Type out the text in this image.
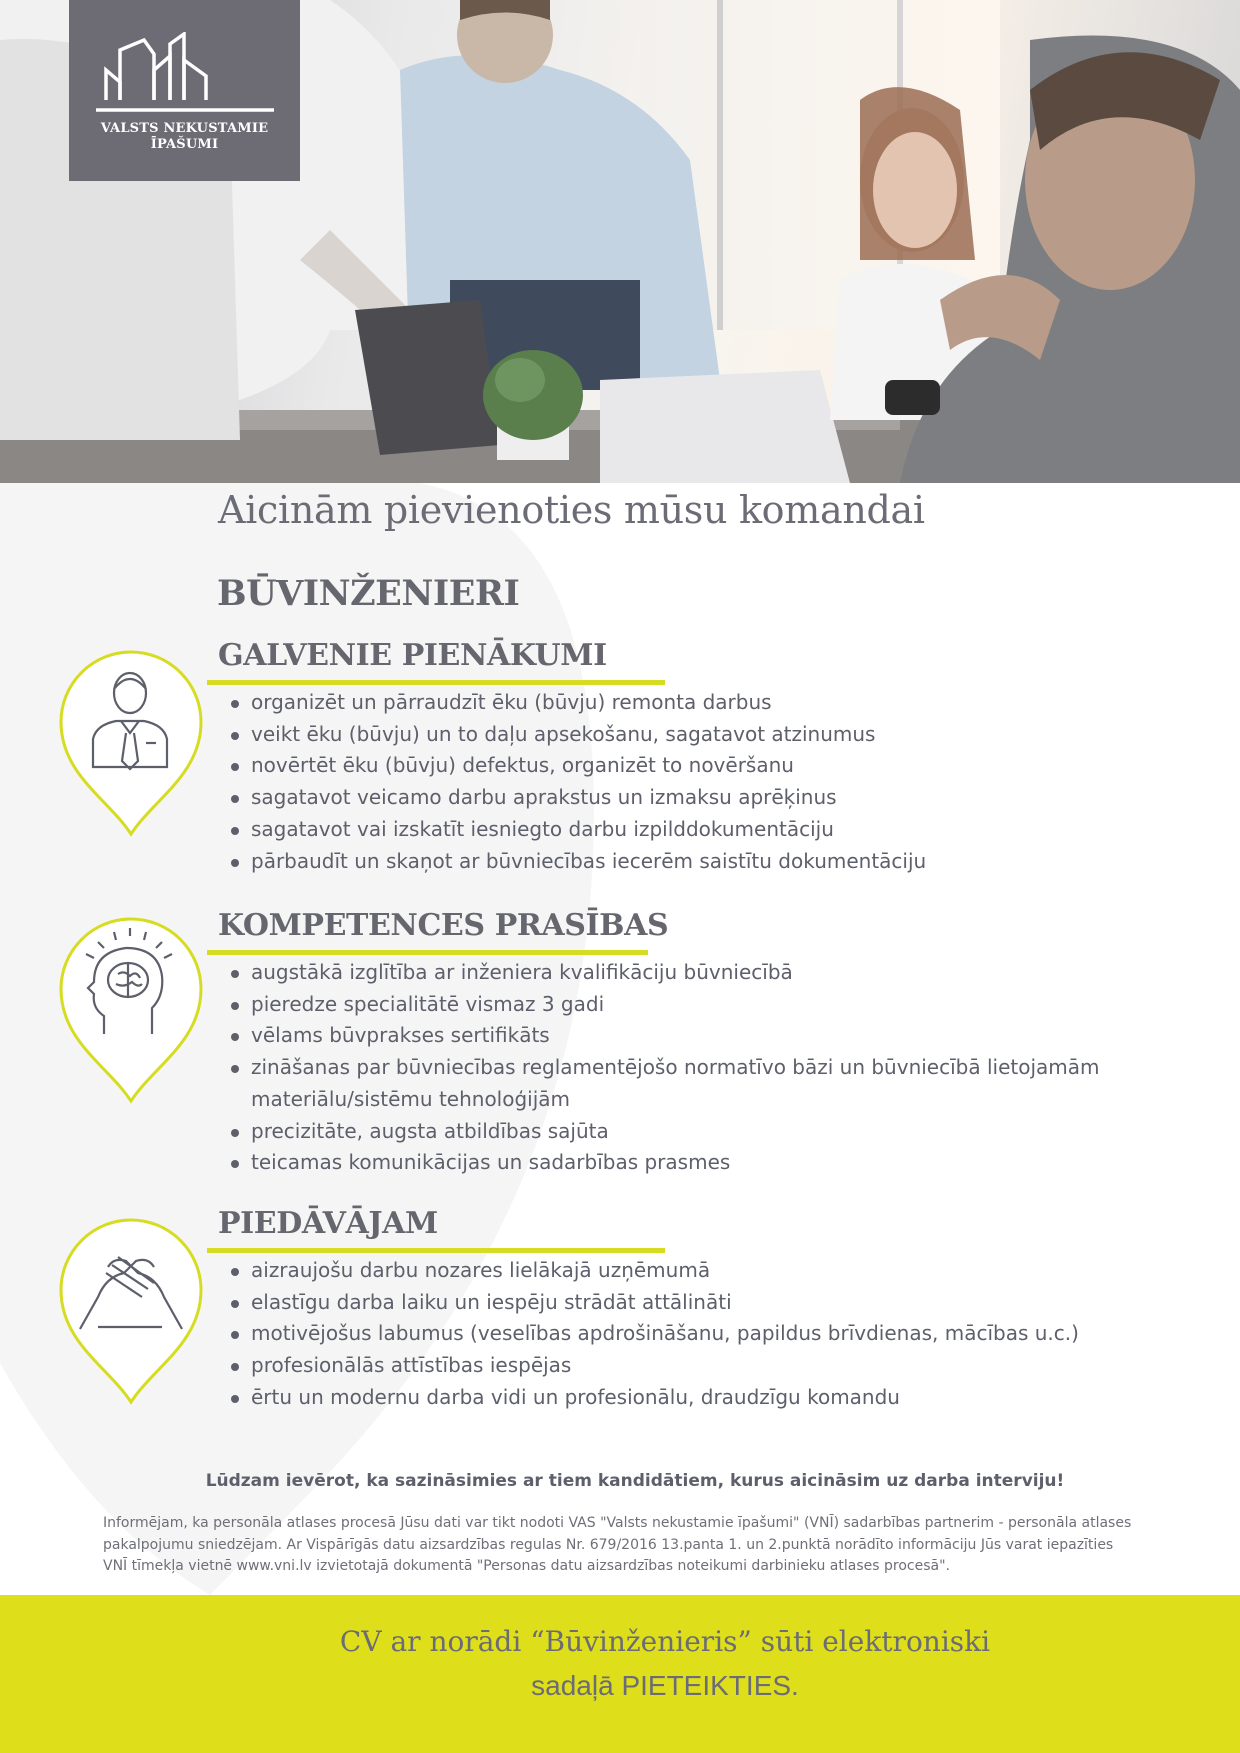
VALSTS NEKUSTAMIE
ĪPAŠUMI
Aicinām pievienoties mūsu komandai
BŪVINŽENIERI
GALVENIE PIENĀKUMI
organizēt un pārraudzīt ēku (būvju) remonta darbus
veikt ēku (būvju) un to daļu apsekošanu, sagatavot atzinumus
novērtēt ēku (būvju) defektus, organizēt to novēršanu
sagatavot veicamo darbu aprakstus un izmaksu aprēķinus
sagatavot vai izskatīt iesniegto darbu izpilddokumentāciju
pārbaudīt un skaņot ar būvniecības iecerēm saistītu dokumentāciju
KOMPETENCES PRASĪBAS
augstākā izglītība ar inženiera kvalifikāciju būvniecībā
pieredze specialitātē vismaz 3 gadi
vēlams būvprakses sertifikāts
zināšanas par būvniecības reglamentējošo normatīvo bāzi un būvniecībā lietojamām materiālu/sistēmu tehnoloģijām
precizitāte, augsta atbildības sajūta
teicamas komunikācijas un sadarbības prasmes
PIEDĀVĀJAM
aizraujošu darbu nozares lielākajā uzņēmumā
elastīgu darba laiku un iespēju strādāt attālināti
motivējošus labumus (veselības apdrošināšanu, papildus brīvdienas, mācības u.c.)
profesionālās attīstības iespējas
ērtu un modernu darba vidi un profesionālu, draudzīgu komandu
Lūdzam ievērot, ka sazināsimies ar tiem kandidātiem, kurus aicināsim uz darba interviju!
Informējam, ka personāla atlases procesā Jūsu dati var tikt nodoti VAS "Valsts nekustamie īpašumi" (VNĪ) sadarbības partnerim - personāla atlases pakalpojumu sniedzējam. Ar Vispārīgās datu aizsardzības regulas Nr. 679/2016 13.panta 1. un 2.punktā norādīto informāciju Jūs varat iepazīties VNĪ tīmekļa vietnē www.vni.lv izvietotajā dokumentā "Personas datu aizsardzības noteikumi darbinieku atlases procesā".
CV ar norādi “Būvinženieris” sūti elektroniski
sadaļā PIETEIKTIES.
